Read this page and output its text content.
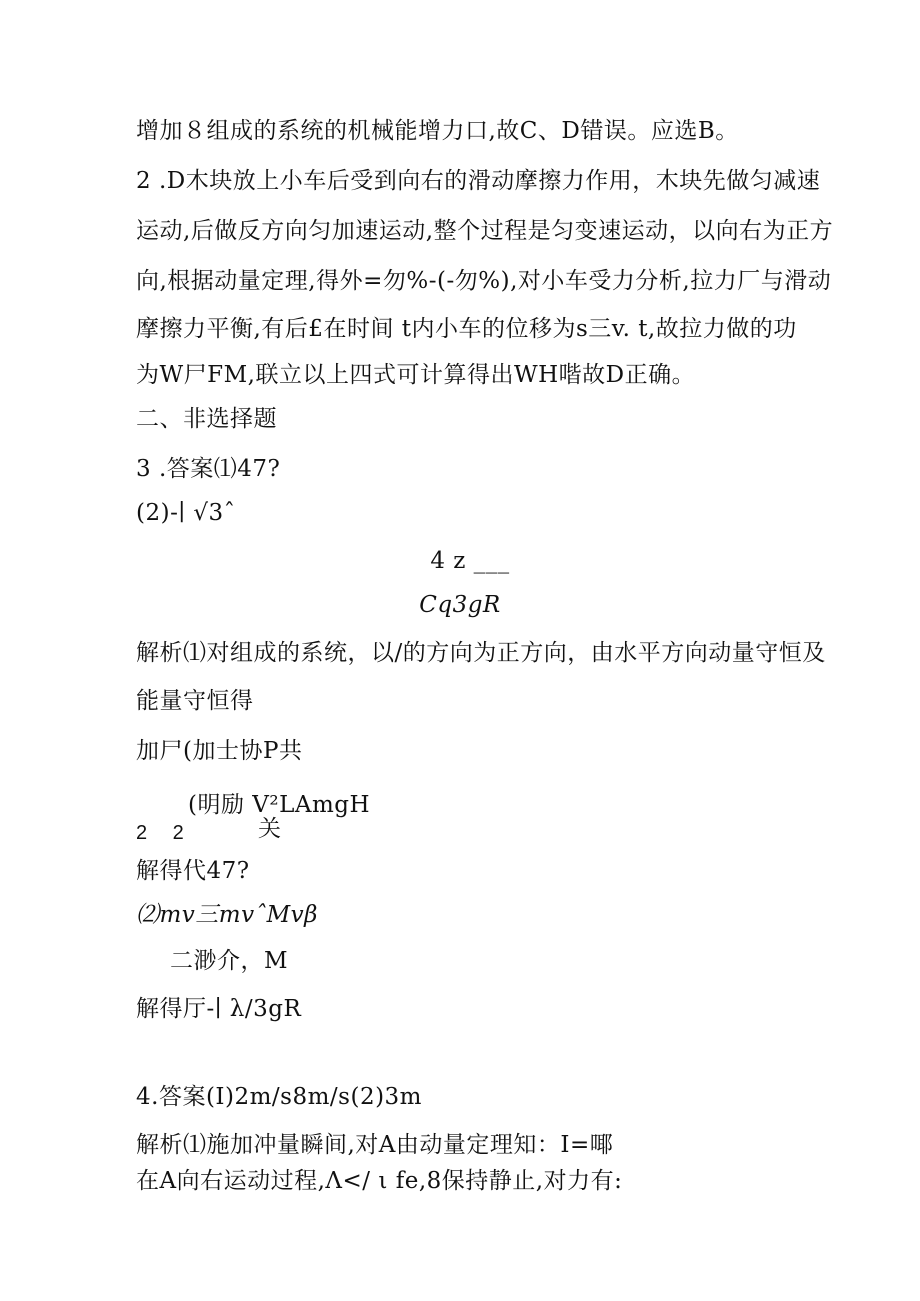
增加８组成的系统的机械能增力口,故C、D错误。应选B。
2 .D木块放上小车后受到向右的滑动摩擦力作用，木块先做匀减速
运动,后做反方向匀加速运动,整个过程是匀变速运动，以向右为正方
向,根据动量定理,得外=勿%-(-勿%),对小车受力分析,拉力厂与滑动
摩擦力平衡,有后£在时间 t内小车的位移为s三v. t,故拉力做的功
为W尸FM,联立以上四式可计算得出WH喈故D正确。
二、非选择题
3 .答案⑴47?
(2)-∣ √3ˆ
4 z ___
Cq3gR
解析⑴对组成的系统，以/的方向为正方向，由水平方向动量守恒及
能量守恒得
加尸(加士协P共
(明励 V²LAmgH
2 2	关
解得代47?
⑵mv三mvˆMvβ
二渺介，M
解得厅-∣ λ/3gR
4.答案(I)2m/s8m/s(2)3m
解析⑴施加冲量瞬间,对A由动量定理知：I=㖿
在A向右运动过程,Λ</ ι fe,8保持静止,对力有:
